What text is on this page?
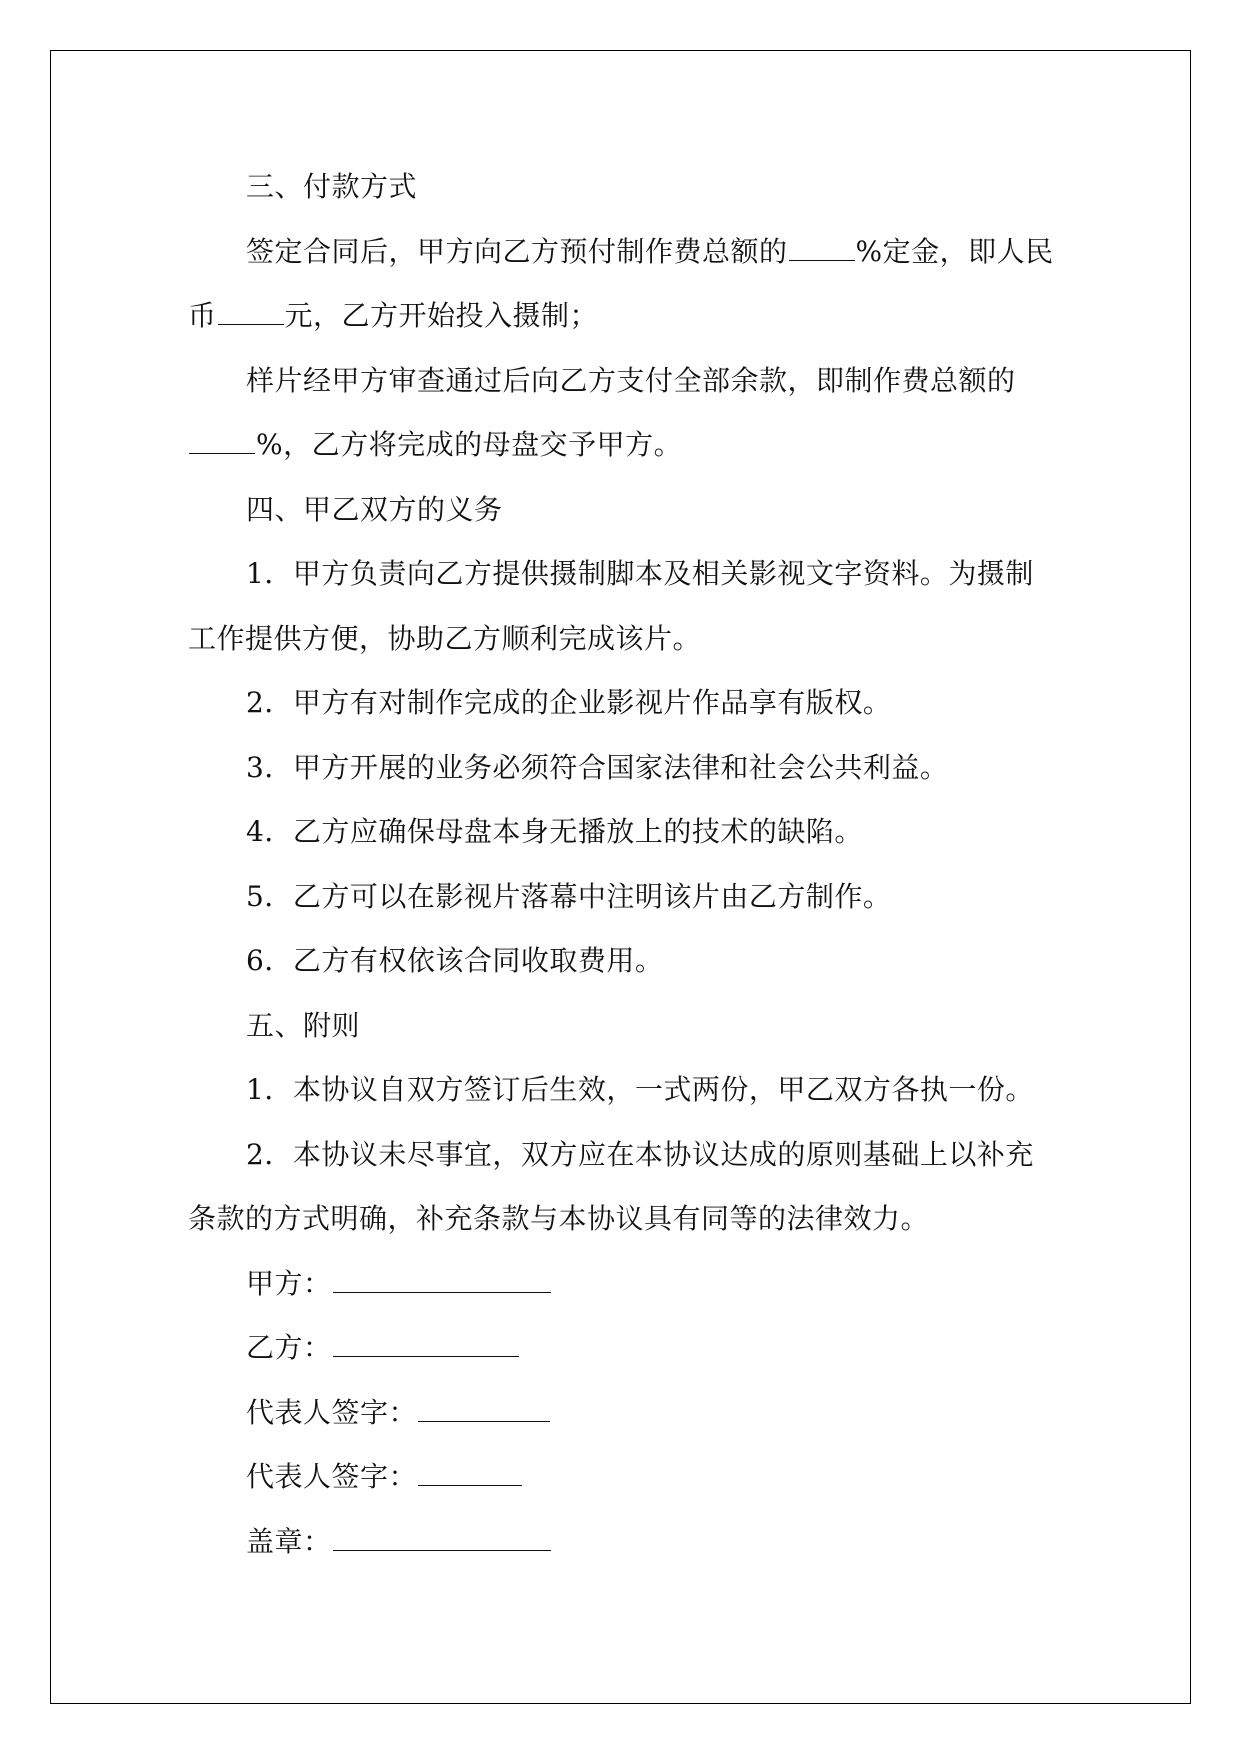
三、付款方式
签定合同后，甲方向乙方预付制作费总额的 %定金，即人民
币 元，乙方开始投入摄制；
样片经甲方审查通过后向乙方支付全部余款，即制作费总额的
%，乙方将完成的母盘交予甲方。
四、甲乙双方的义务
1．甲方负责向乙方提供摄制脚本及相关影视文字资料。为摄制
工作提供方便，协助乙方顺利完成该片。
2．甲方有对制作完成的企业影视片作品享有版权。
3．甲方开展的业务必须符合国家法律和社会公共利益。
4．乙方应确保母盘本身无播放上的技术的缺陷。
5．乙方可以在影视片落幕中注明该片由乙方制作。
6．乙方有权依该合同收取费用。
五、附则
1．本协议自双方签订后生效，一式两份，甲乙双方各执一份。
2．本协议未尽事宜，双方应在本协议达成的原则基础上以补充
条款的方式明确，补充条款与本协议具有同等的法律效力。
甲方：
乙方：
代表人签字：
代表人签字：
盖章：
